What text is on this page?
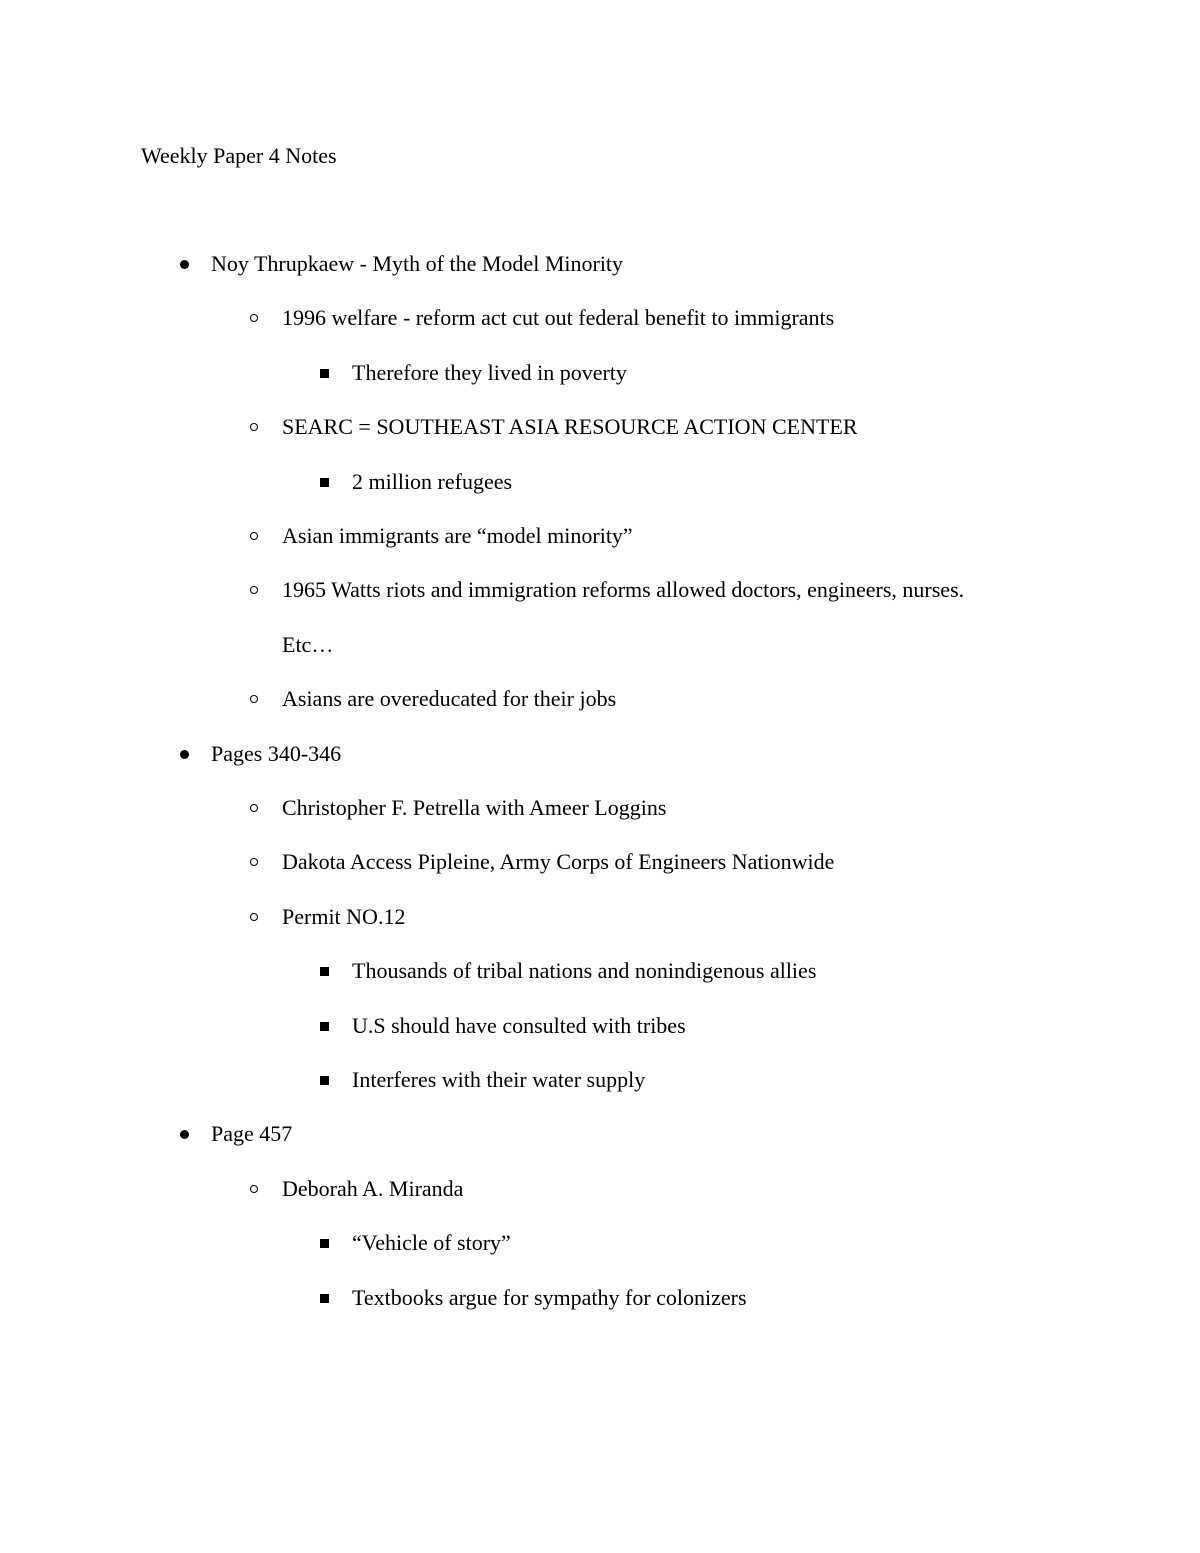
Weekly Paper 4 Notes
Noy Thrupkaew - Myth of the Model Minority
1996 welfare - reform act cut out federal benefit to immigrants
Therefore they lived in poverty
SEARC = SOUTHEAST ASIA RESOURCE ACTION CENTER
2 million refugees
Asian immigrants are “model minority”
1965 Watts riots and immigration reforms allowed doctors, engineers, nurses.
Etc…
Asians are overeducated for their jobs
Pages 340-346
Christopher F. Petrella with Ameer Loggins
Dakota Access Pipleine, Army Corps of Engineers Nationwide
Permit NO.12
Thousands of tribal nations and nonindigenous allies
U.S should have consulted with tribes
Interferes with their water supply
Page 457
Deborah A. Miranda
“Vehicle of story”
Textbooks argue for sympathy for colonizers
